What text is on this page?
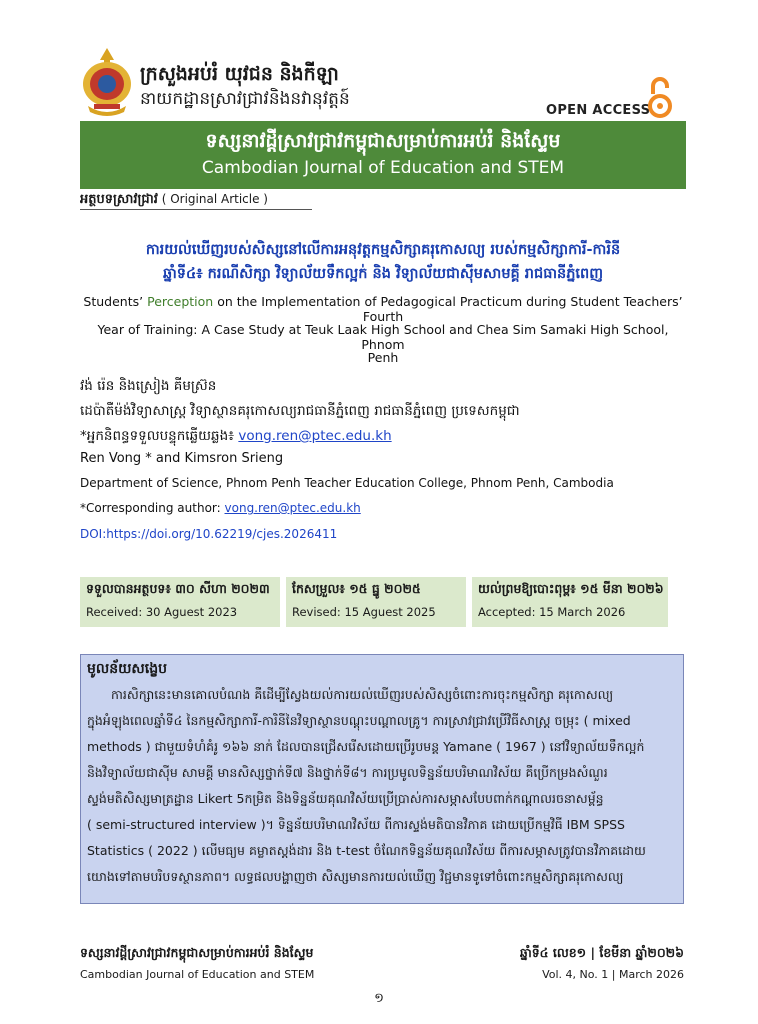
ក្រសួងអប់រំ យុវជន និងកីឡា
នាយកដ្ឋានស្រាវជ្រាវនិងនវានុវត្តន៍
OPEN ACCESS
ទស្សនាវដ្តីស្រាវជ្រាវកម្ពុជាសម្រាប់ការអប់រំ និងស្ទែម
Cambodian Journal of Education and STEM
អត្ថបទស្រាវជ្រាវ ( Original Article )
ការយល់ឃើញរបស់សិស្សនៅលើការអនុវត្តកម្មសិក្សាគរុកោសល្យ របស់កម្មសិក្សាការី-ការិនី
ឆ្នាំទី៤៖ ករណីសិក្សា វិទ្យាល័យទឹកល្អក់ និង វិទ្យាល័យជាស៊ីមសាមគ្គី រាជធានីភ្នំពេញ
Students’ Perception on the Implementation of Pedagogical Practicum during Student Teachers’ Fourth
Year of Training: A Case Study at Teuk Laak High School and Chea Sim Samaki High School, Phnom
Penh
វង់ រ៉េន និងស្រៀង គីមស្រ៊ន
ដេប៉ាតឺម៉ង់វិទ្យាសាស្ត្រ វិទ្យាស្ថានគរុកោសល្យរាជធានីភ្នំពេញ រាជធានីភ្នំពេញ ប្រទេសកម្ពុជា
*អ្នកនិពន្ធទទួលបន្ទុកឆ្លើយឆ្លង៖ vong.ren@ptec.edu.kh
Ren Vong * and Kimsron Srieng
Department of Science, Phnom Penh Teacher Education College, Phnom Penh, Cambodia
*Corresponding author: vong.ren@ptec.edu.kh
DOI:https://doi.org/10.62219/cjes.2026411
ទទួលបានអត្ថបទ៖ ៣០ សីហា ២០២៣
Received: 30 Aguest 2023
កែសម្រួល៖ ១៥ ធ្នូ ២០២៥
Revised: 15 Aguest 2025
យល់ព្រមឱ្យបោះពុម្ព៖ ១៥ មីនា ២០២៦
Accepted: 15 March 2026
មូលន័យសង្ខេប
ការសិក្សានេះមានគោលបំណង គឺដើម្បីស្វែងយល់ការយល់ឃើញរបស់សិស្សចំពោះការចុះកម្មសិក្សា គរុកោសល្យ
ក្នុងអំឡុងពេលឆ្នាំទី៤ នៃកម្មសិក្សាការី-ការិនីនៃវិទ្យាស្ថានបណ្តុះបណ្តាលគ្រូ។ ការស្រាវជ្រាវប្រើវិធីសាស្ត្រ ចម្រុះ ( mixed
methods ) ជាមួយទំហំគំរូ ១៦៦ នាក់ ដែលបានជ្រើសរើសដោយប្រើរូបមន្ត Yamane ( 1967 ) នៅវិទ្យាល័យទឹកល្អក់
និងវិទ្យាល័យជាស៊ីម សាមគ្គី មានសិស្សថ្នាក់ទី៧ និងថ្នាក់ទី៨។ ការប្រមូលទិន្នន័យបរិមាណវិស័យ គឺប្រើកម្រងសំណួរ
ស្ទង់មតិសិស្សមាត្រដ្ឋាន Likert 5កម្រិត និងទិន្នន័យគុណវិស័យប្រើប្រាស់ការសម្ភាសបែបពាក់កណ្តាលរចនាសម្ព័ន្ធ
( semi-structured interview )។ ទិន្នន័យបរិមាណវិស័យ ពីការស្ទង់មតិបានវិភាគ ដោយប្រើកម្មវិធី IBM SPSS
Statistics ( 2022 ) លើមធ្យម គម្លាតស្តង់ដារ និង t-test ចំណែកទិន្នន័យគុណវិស័យ ពីការសម្ភាសត្រូវបានវិភាគដោយ
យោងទៅតាមបរិបទស្ថានភាព។ លទ្ធផលបង្ហាញថា សិស្សមានការយល់ឃើញ វិជ្ជមានទូទៅចំពោះកម្មសិក្សាគរុកោសល្យ
ទស្សនាវដ្តីស្រាវជ្រាវកម្ពុជាសម្រាប់ការអប់រំ និងស្ទែម
Cambodian Journal of Education and STEM
ឆ្នាំទី៤ លេខ១ | ខែមីនា ឆ្នាំ២០២៦
Vol. 4, No. 1 | March 2026
១
